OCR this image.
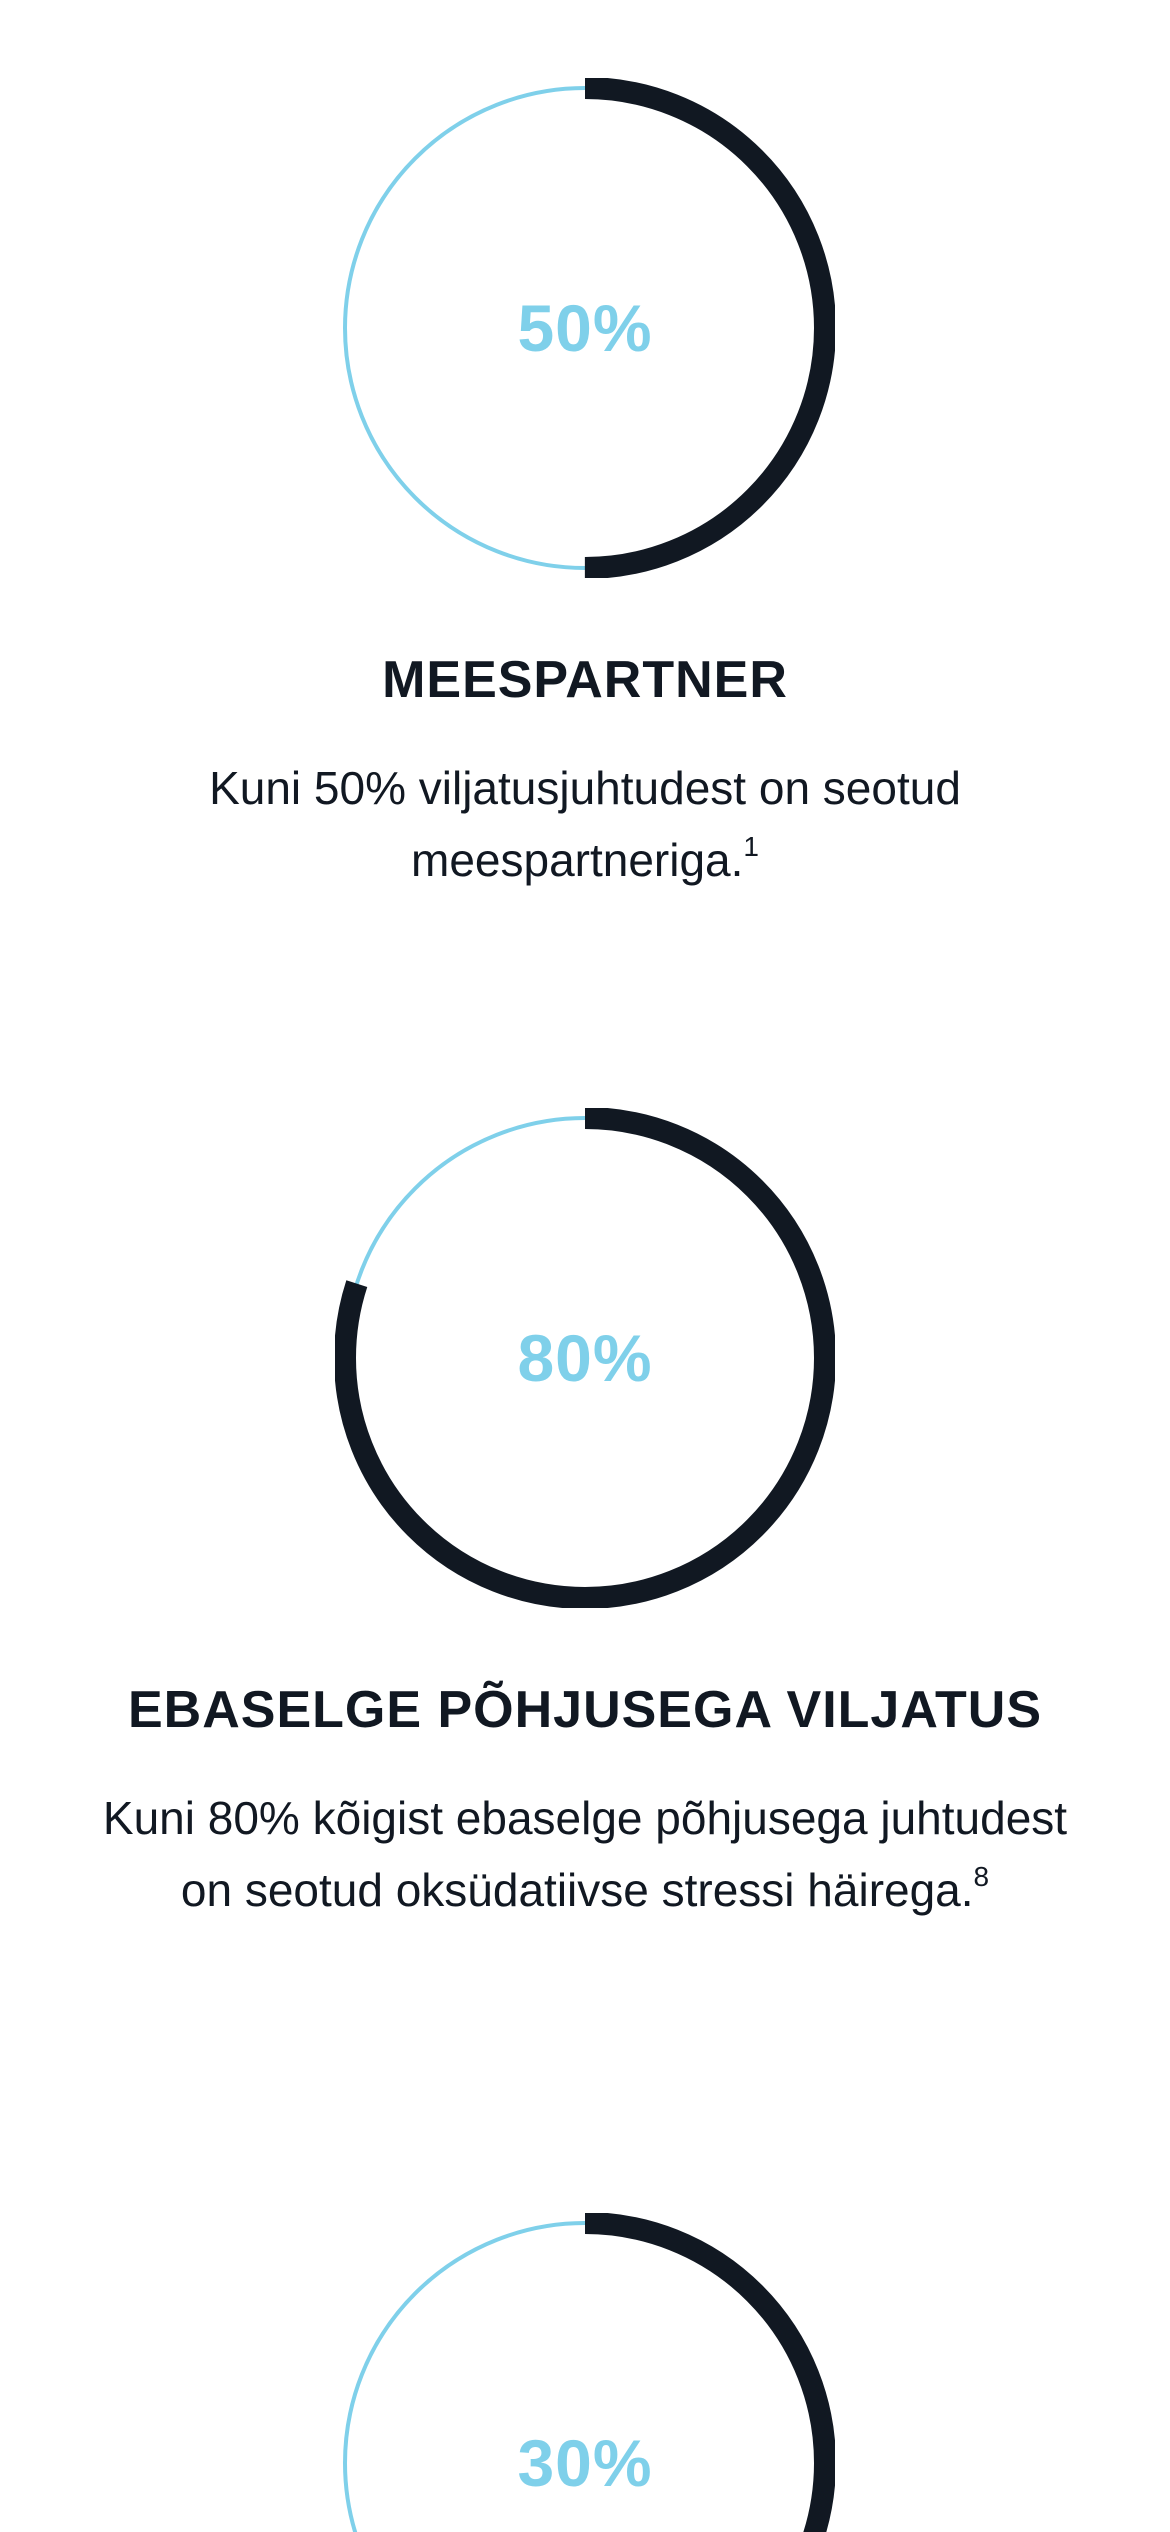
50%
MEESPARTNER

Kuni 50% viljatusjuhtudest on seotud meespartneriga.$^1$

80%
EBASELGE PÕHJUSEGA VILJATUS

Kuni 80% kõigist ebaselge põhjusega juhtudest on seotud oksüdatiivse stressi häirega.$^8$

30%
